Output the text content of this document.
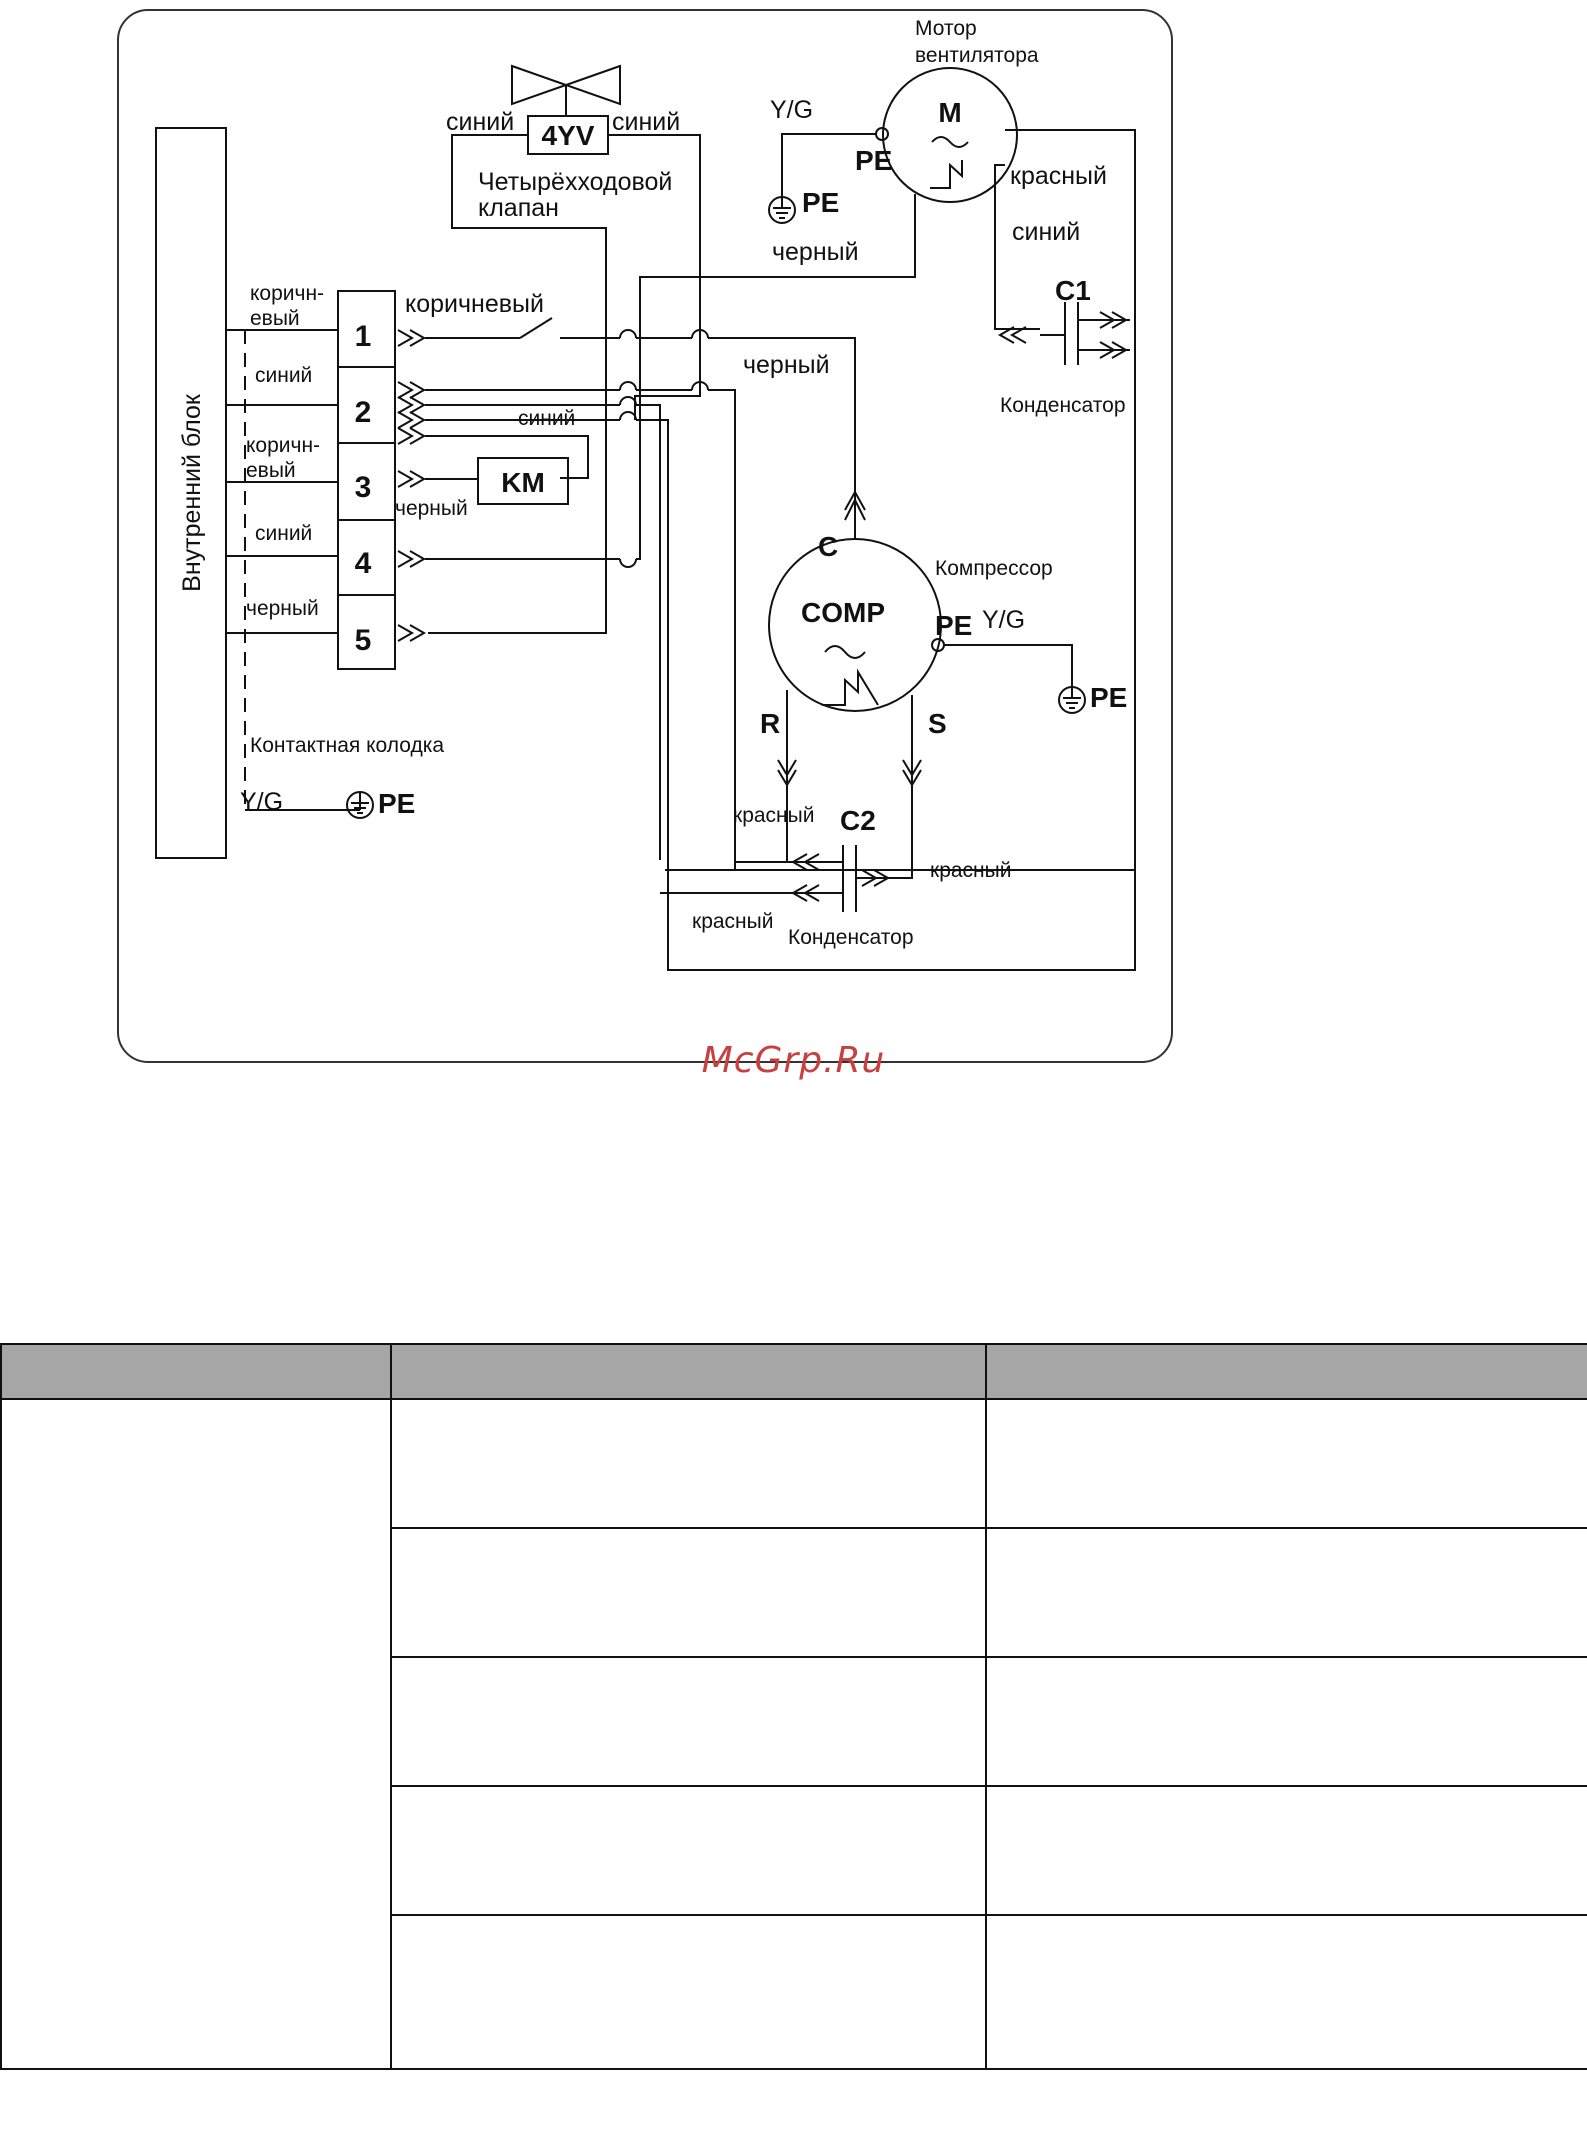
Внутренний блок
1
2
3
4
5
коричн-
евый
синий
коричн-
евый
синий
черный
Контактная колодка
Y/G	PE
4YV
синий	синий
Четырёхходовой
клапан
M
Мотор
вентилятора
Y/G
PE
PE
черный
красный
синий
C1
Конденсатор
коричневый
черный
KM
синий
черный
COMP
Компрессор
C
R	S
PE Y/G
PE
C2
Конденсатор
красный
красный
красный
McGrp.Ru
